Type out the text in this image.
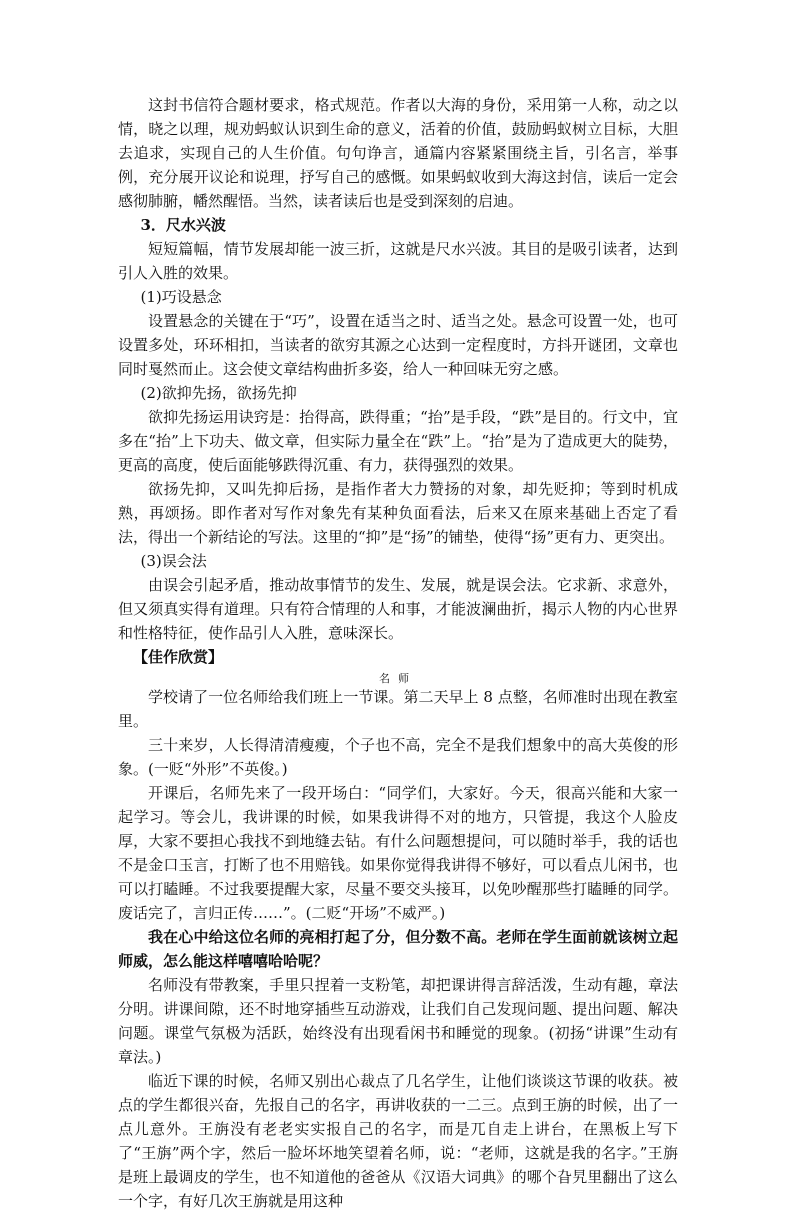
这封书信符合题材要求，格式规范。作者以大海的身份，采用第一人称，动之以情，晓之以理，规劝蚂蚁认识到生命的意义，活着的价值，鼓励蚂蚁树立目标，大胆去追求，实现自己的人生价值。句句诤言，通篇内容紧紧围绕主旨，引名言，举事例，充分展开议论和说理，抒写自己的感慨。如果蚂蚁收到大海这封信，读后一定会感彻肺腑，幡然醒悟。当然，读者读后也是受到深刻的启迪。

3．尺水兴波

短短篇幅，情节发展却能一波三折，这就是尺水兴波。其目的是吸引读者，达到引人入胜的效果。

(1)巧设悬念

设置悬念的关键在于“巧”，设置在适当之时、适当之处。悬念可设置一处，也可设置多处，环环相扣，当读者的欲穷其源之心达到一定程度时，方抖开谜团，文章也同时戛然而止。这会使文章结构曲折多姿，给人一种回味无穷之感。

(2)欲抑先扬，欲扬先抑

欲抑先扬运用诀窍是：抬得高，跌得重；“抬”是手段，“跌”是目的。行文中，宜多在“抬”上下功夫、做文章，但实际力量全在“跌”上。“抬”是为了造成更大的陡势，更高的高度，使后面能够跌得沉重、有力，获得强烈的效果。

欲扬先抑，又叫先抑后扬，是指作者大力赞扬的对象，却先贬抑；等到时机成熟，再颂扬。即作者对写作对象先有某种负面看法，后来又在原来基础上否定了看法，得出一个新结论的写法。这里的“抑”是“扬”的铺垫，使得“扬”更有力、更突出。

(3)误会法

由误会引起矛盾，推动故事情节的发生、发展，就是误会法。它求新、求意外，但又须真实得有道理。只有符合情理的人和事，才能波澜曲折，揭示人物的内心世界和性格特征，使作品引人入胜，意味深长。

【佳作欣赏】

名师

学校请了一位名师给我们班上一节课。第二天早上 8 点整，名师准时出现在教室里。

三十来岁，人长得清清瘦瘦，个子也不高，完全不是我们想象中的高大英俊的形象。(一贬“外形”不英俊。)

开课后，名师先来了一段开场白：“同学们，大家好。今天，很高兴能和大家一起学习。等会儿，我讲课的时候，如果我讲得不对的地方，只管提，我这个人脸皮厚，大家不要担心我找不到地缝去钻。有什么问题想提问，可以随时举手，我的话也不是金口玉言，打断了也不用赔钱。如果你觉得我讲得不够好，可以看点儿闲书，也可以打瞌睡。不过我要提醒大家，尽量不要交头接耳，以免吵醒那些打瞌睡的同学。废话完了，言归正传……”。(二贬“开场”不威严。)

我在心中给这位名师的亮相打起了分，但分数不高。老师在学生面前就该树立起师威，怎么能这样嘻嘻哈哈呢？

名师没有带教案，手里只捏着一支粉笔，却把课讲得言辞活泼，生动有趣，章法分明。讲课间隙，还不时地穿插些互动游戏，让我们自己发现问题、提出问题、解决问题。课堂气氛极为活跃，始终没有出现看闲书和睡觉的现象。(初扬“讲课”生动有章法。)

临近下课的时候，名师又别出心裁点了几名学生，让他们谈谈这节课的收获。被点的学生都很兴奋，先报自己的名字，再讲收获的一二三。点到王旃的时候，出了一点儿意外。王旃没有老老实实报自己的名字，而是兀自走上讲台，在黑板上写下了“王旃”两个字，然后一脸坏坏地笑望着名师，说：“老师，这就是我的名字。”王旃是班上最调皮的学生，也不知道他的爸爸从《汉语大词典》的哪个旮旯里翻出了这么一个字，有好几次王旃就是用这种
